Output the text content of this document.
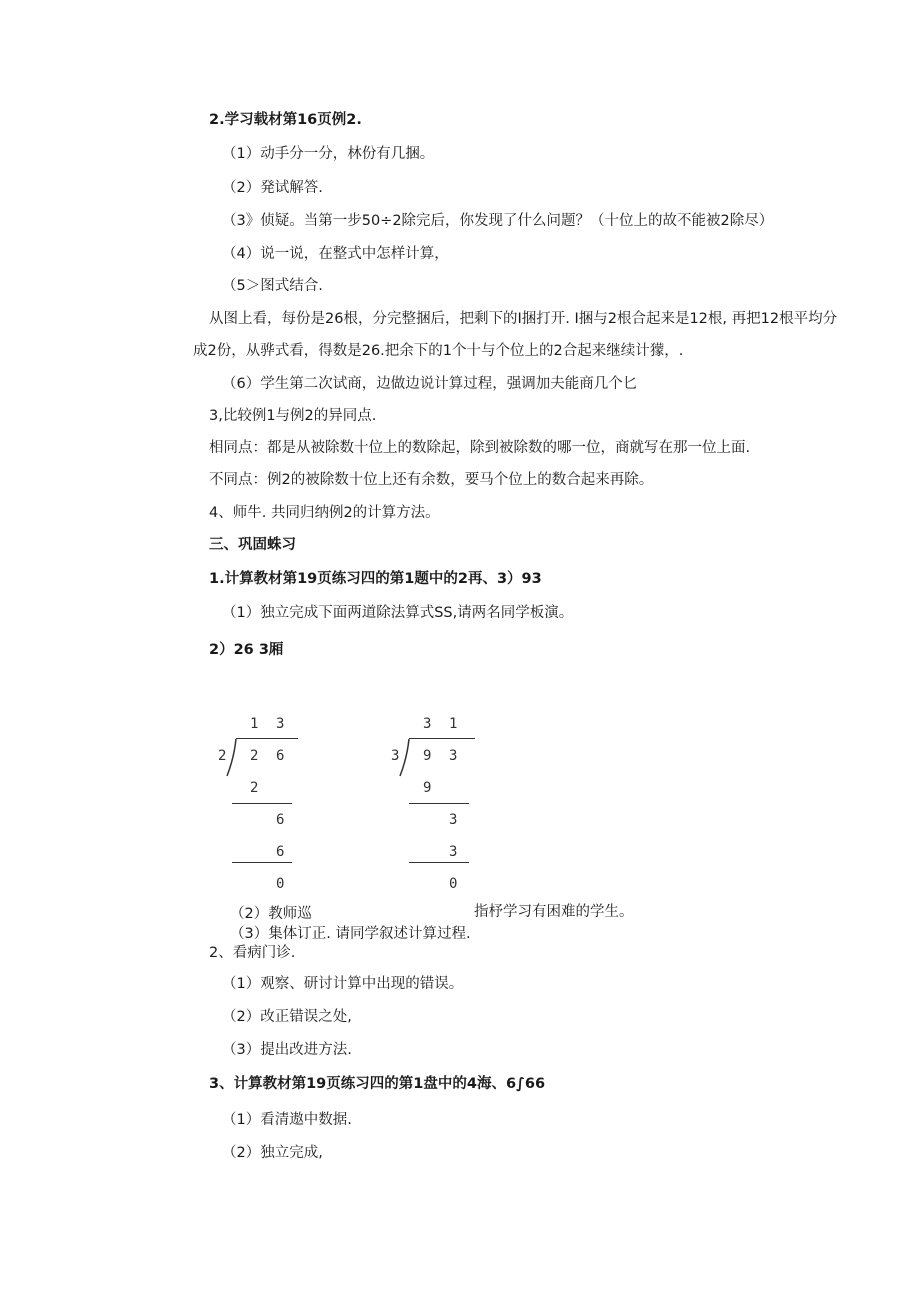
2.学习载材第16页例2.
（1）动手分一分，林份有几捆。
（2）発试解答.
（3》侦疑。当第一步50÷2除完后，你发现了什么问题？（十位上的故不能被2除尽）
（4）说一说，在整式中怎样计算，
（5＞图式结合.
从图上看，每份是26根，分完整捆后，把剩下的I捆打开. I捆与2根合起来是12根, 再把12根平均分
成2份，从骅式看，得数是26.把余下的1个十与个位上的2合起来继续计獴，.
（6）学生第二次试商，边做边说计算过程，强调加夫能商几个匕
3,比较例1与例2的异同点.
相同点：都是从被除数十位上的数除起，除到被除数的哪一位，商就写在那一位上面.
不同点：例2的被除数十位上还有余数，要马个位上的数合起来再除。
4、师牛. 共同归纳例2的计算方法。
三、巩固蛛习
1.计算教材第19页练习四的第1题中的2再、3）93
（1）独立完成下面两道除法算式SS,请两名同学板演。
2）26 3厢
1 3
2 2 6
2
6
6
0
3 1
3 9 3
9
3
3
0
（2）教师巡	指杼学习有困难的学生。
（3）集体订正. 请同学叙述计算过程.
2、看病门诊.
（1）观察、研讨计算中出现的错误。
（2）改正错误之处,
（3）提出改进方法.
3、计算教材第19页练习四的第1盘中的4海、6∫66
（1）看清遨中数据.
（2）独立完成,
